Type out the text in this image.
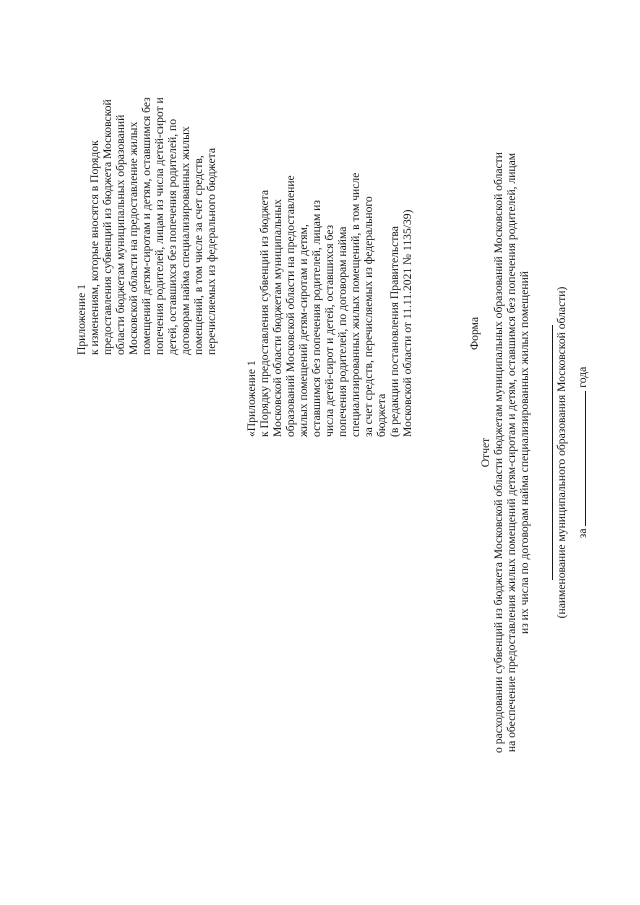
Приложение 1 к изменениям, которые вносятся в Порядок предоставления субвенций из бюджета Московской области бюджетам муниципальных образований Московской области на предоставление жилых помещений детям-сиротам и детям, оставшимся без попечения родителей, лицам из числа детей-сирот и детей, оставшихся без попечения родителей, по договорам найма специализированных жилых помещений, в том числе за счет средств, перечисляемых из федерального бюджета
«Приложение 1 к Порядку предоставления субвенций из бюджета Московской области бюджетам муниципальных образований Московской области на предоставление жилых помещений детям-сиротам и детям, оставшимся без попечения родителей, лицам из числа детей-сирот и детей, оставшихся без попечения родителей, по договорам найма специализированных жилых помещений, в том числе за счет средств, перечисляемых из федерального бюджета (в редакции постановления Правительства Московской области от 11.11.2021 № 1135/39)	Форма
Отчет о расходовании субвенций из бюджета Московской области бюджетам муниципальных образований Московской области на обеспечение предоставления жилых помещений детям-сиротам и детям, оставшимся без попечения родителей, лицам из их числа по договорам найма специализированных жилых помещений (наименование муниципального образования Московской области) за  года
